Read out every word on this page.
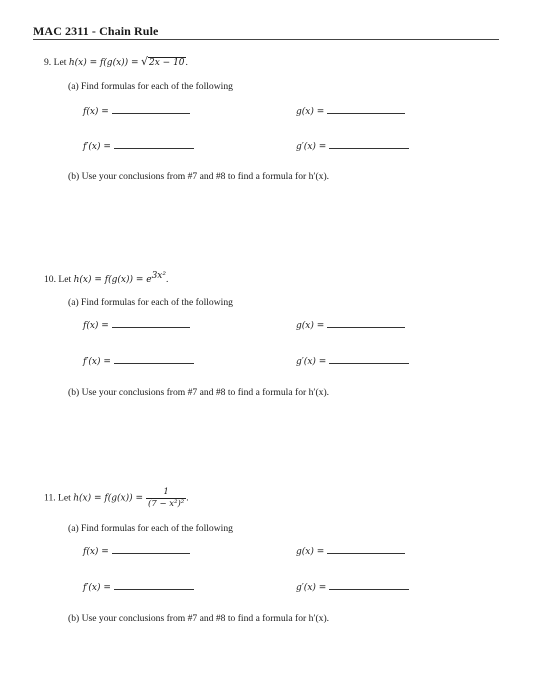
MAC 2311 - Chain Rule
9. Let h(x) = f(g(x)) = √2x − 10.
(a) Find formulas for each of the following
f(x) =	g(x) =
f′(x) =	g′(x) =
(b) Use your conclusions from #7 and #8 to find a formula for h′(x).
10. Let $h(x) = f(g(x)) = e^{3x^2}$.
(a) Find formulas for each of the following
f(x) =	g(x) =
f′(x) =	g′(x) =
(b) Use your conclusions from #7 and #8 to find a formula for h′(x).
11. Let $h(x) = f(g(x)) = \frac{1}{\text{(7 − x²)²}}$ .
(a) Find formulas for each of the following
f(x) =	g(x) =
f′(x) =	g′(x) =
(b) Use your conclusions from #7 and #8 to find a formula for h′(x).
